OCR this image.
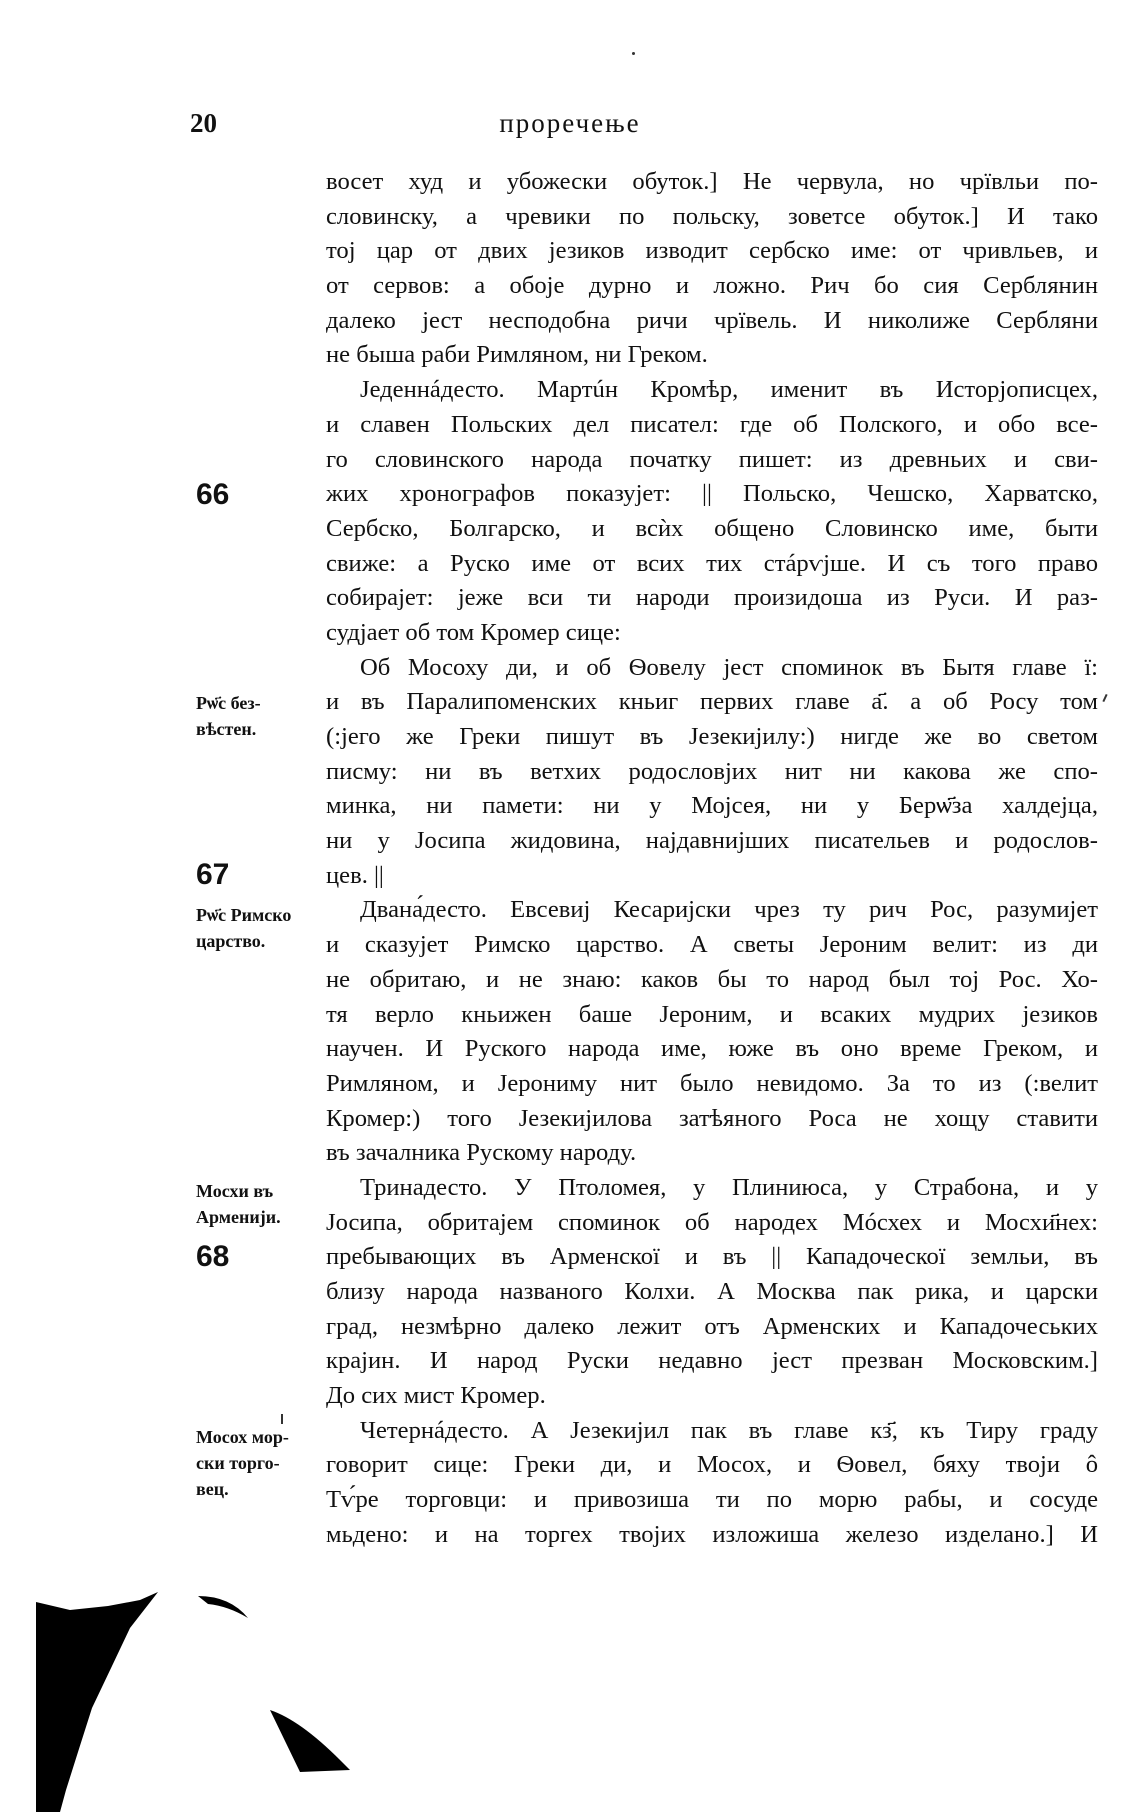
20	проречење
66
Рѡ҃с без-
вѣстен.
67
Рѡ҃с Римско
царство.
Мосхи въ
Арменији.
68
Мосох мор-
ски торго-
вец.
восет худ и убожески обуток.] Не червула, но чрївльи по-
словинску, а чревики по польску, зоветсе обуток.] И тако
тој цар от двих језиков изводит сербско име: от чривльев, и
от сервов: а обоје дурно и ложно. Рич бо сия Серблянин
далеко јест несподобна ричи чрївель. И николиже Сербляни
не быша раби Римляном, ни Греком.
Једеннáдесто. Мартúн Кромѣр, именит въ Исторјописцех,
и славен Польских дел писател: где об Полского, и обо все-
го словинского народа початку пишет: из древньих и сви-
жих хронографов показујет: || Польско, Чешско, Харватско,
Сербско, Болгарско, и всѝх общено Словинско име, быти
свиже: а Руско име от всих тих стáрѵјше. И съ того право
собирајет: јеже вси ти народи произидоша из Руси. И раз-
судјает об том Кромер сице:
Об Мосоху ди, и об Ѳовелу јест споминок въ Бытя главе ї:
и въ Паралипоменских кньиг первих главе а҃. а об Росу том
(:јего же Греки пишут въ Језекијилу:) нигде же во светом
писму: ни въ ветхих родословјих нит ни какова же спо-
минка, ни памети: ни у Мојсея, ни у Берѡ҃за халдејца,
ни у Јосипа жидовина, најдавнијших писательев и родослов-
цев. ||
Двана́десто. Евсевиј Кесаријски чрез ту рич Рос, разумијет
и сказујет Римско царство. А светы Јероним велит: из ди
не обритаю, и не знаю: каков бы то народ был тој Рос. Хо-
тя верло кньижен баше Јероним, и всаких мудрих језиков
научен. И Руского народа име, юже въ оно време Греком, и
Римляном, и Јерониму нит было невидомо. За то из (:велит
Кромер:) того Језекијилова затѣяного Роса не хощу ставити
въ зачалника Рускому народу.
Тринадесто. У Птоломея, у Плиниюса, у Страбона, и у
Јосипа, обритајем споминок об народех Мóсхех и Мосхи҃нех:
пребывающих въ Арменскої и въ || Кападоческої земльи, въ
близу народа названого Колхи. А Москва пак рика, и царски
град, незмѣрно далеко лежит отъ Арменских и Кападочеських
крајин. И народ Руски недавно јест презван Московским.]
До сих мист Кромер.
Четернáдесто. А Језекијил пак въ главе кз҃, къ Тиру граду
говорит сице: Греки ди, и Мосох, и Ѳовел, бяху твоји ô
Тѵ́ре торговци: и привозиша ти по морю рабы, и сосуде
мьдено: и на торгех твојих изложиша железо изделано.] И
